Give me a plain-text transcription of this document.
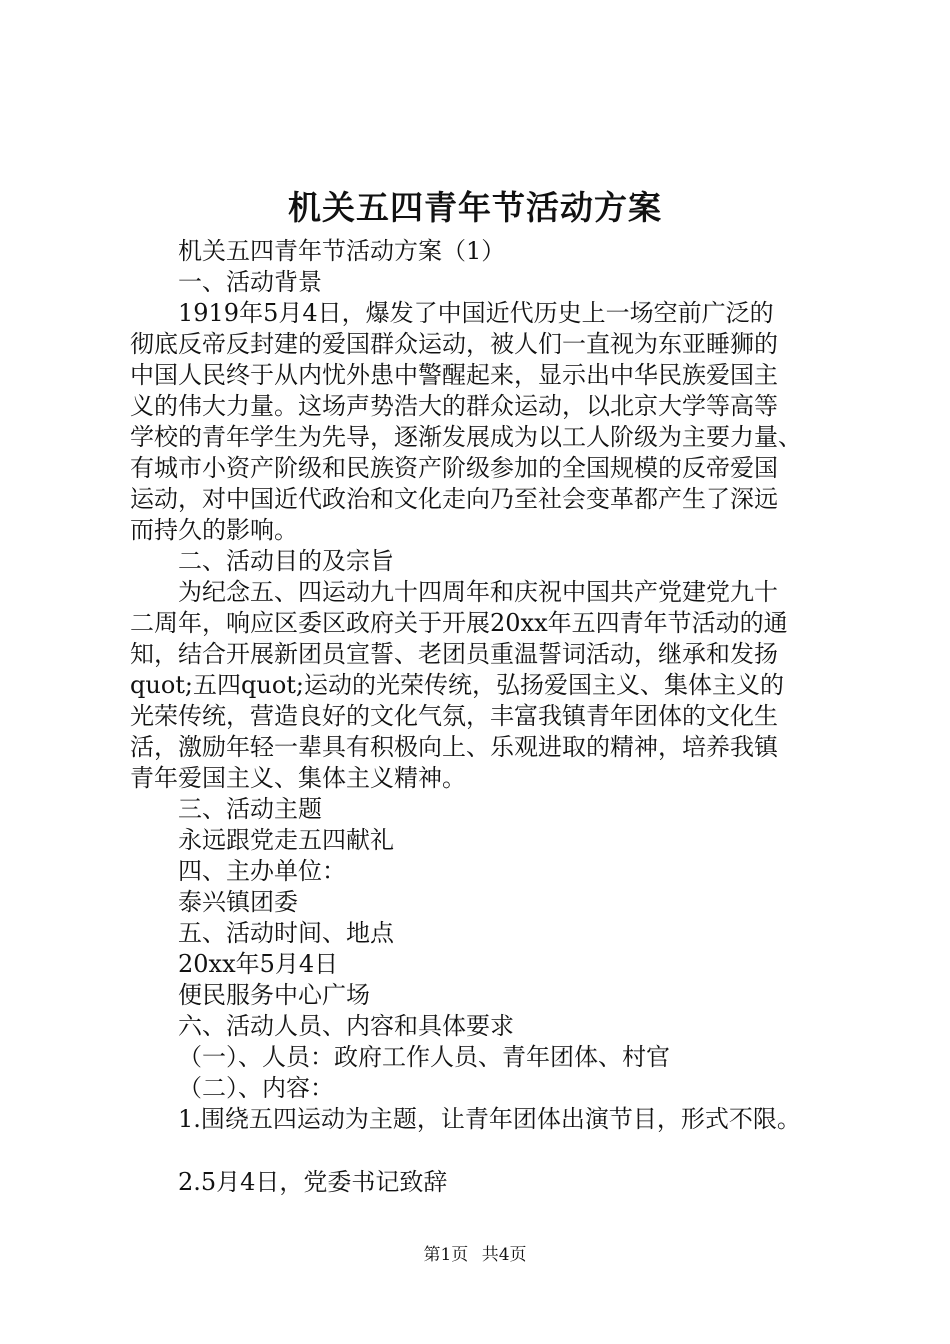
机关五四青年节活动方案
机关五四青年节活动方案（1）
一、活动背景
1919年5月4日，爆发了中国近代历史上一场空前广泛的
彻底反帝反封建的爱国群众运动，被人们一直视为东亚睡狮的
中国人民终于从内忧外患中警醒起来，显示出中华民族爱国主
义的伟大力量。这场声势浩大的群众运动，以北京大学等高等
学校的青年学生为先导，逐渐发展成为以工人阶级为主要力量、
有城市小资产阶级和民族资产阶级参加的全国规模的反帝爱国
运动，对中国近代政治和文化走向乃至社会变革都产生了深远
而持久的影响。
二、活动目的及宗旨
为纪念五、四运动九十四周年和庆祝中国共产党建党九十
二周年，响应区委区政府关于开展20xx年五四青年节活动的通
知，结合开展新团员宣誓、老团员重温誓词活动，继承和发扬
quot;五四quot;运动的光荣传统，弘扬爱国主义、集体主义的
光荣传统，营造良好的文化气氛，丰富我镇青年团体的文化生
活，激励年轻一辈具有积极向上、乐观进取的精神，培养我镇
青年爱国主义、集体主义精神。
三、活动主题
永远跟党走五四献礼
四、主办单位：
泰兴镇团委
五、活动时间、地点
20xx年5月4日
便民服务中心广场
六、活动人员、内容和具体要求
（一）、人员：政府工作人员、青年团体、村官
（二）、内容：
1.围绕五四运动为主题，让青年团体出演节目，形式不限。
2.5月4日，党委书记致辞
第1页 共4页
